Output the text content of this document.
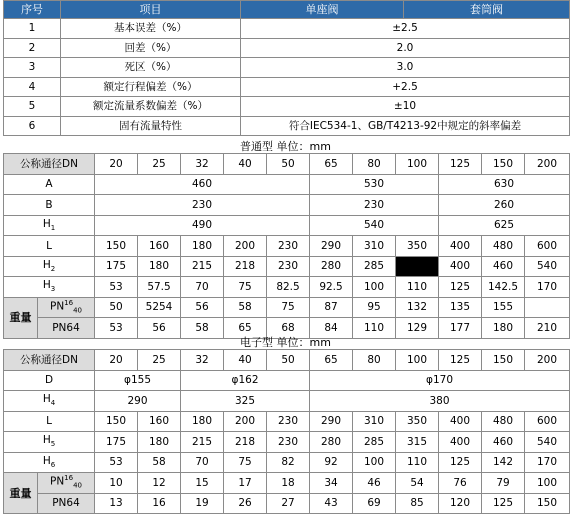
序号	项目	单座阀	套筒阀
1	基本误差（%）	±2.5	
2	回差（%）	2.0	
3	死区（%）	3.0	
4	额定行程偏差（%）	+2.5	
5	额定流量系数偏差（%）	±10	
6	固有流量特性	符合IEC534-1、GB/T4213-92中规定的斜率偏差	
普通型 单位：mm
公称通径DN		20	25	32	40	50	65	80	100	125	150	200
A		460					530			630		
B		230					230			260		
$H_1$		490					540			625		
L		150	160	180	200	230	290	310	350	400	480	600
$H_2$		175	180	215	218	230	280	285		400	460	540
$H_3$		53	57.5	70	75	82.5	92.5	100	110	125	142.5	170
重量	$PN^{16}_{40}$	50	5254	56	58	75	87	95	132	135	155	
	PN64	53	56	58	65	68	84	110	129	177	180	210
电子型 单位：mm
公称通径DN		20	25	32	40	50	65	80	100	125	150	200
D		φ155		φ162			φ170					
$H_4$		290		325			380					
L		150	160	180	200	230	290	310	350	400	480	600
$H_5$		175	180	215	218	230	280	285	315	400	460	540
$H_6$		53	58	70	75	82	92	100	110	125	142	170
重量	$PN^{16}_{40}$	10	12	15	17	18	34	46	54	76	79	100
	PN64	13	16	19	26	27	43	69	85	120	125	150
